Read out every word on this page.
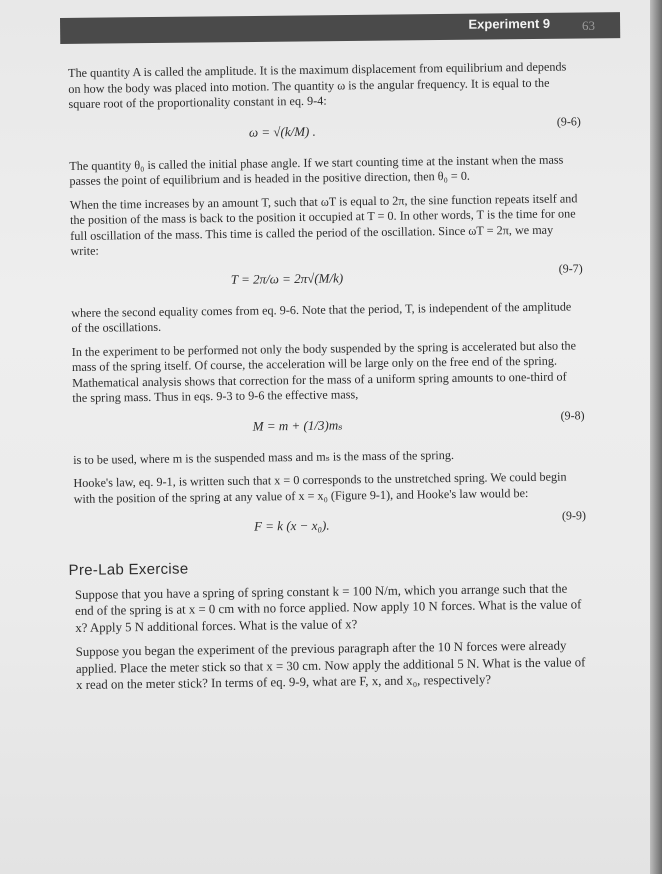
Experiment 9 63

The quantity A is called the amplitude. It is the maximum displacement from equilibrium and depends on how the body was placed into motion. The quantity ω is the angular frequency. It is equal to the square root of the proportionality constant in eq. 9-4:

ω = √(k/M) .
(9-6)

The quantity θ₀ is called the initial phase angle. If we start counting time at the instant when the mass passes the point of equilibrium and is headed in the positive direction, then θ₀ = 0.

When the time increases by an amount T, such that ωT is equal to 2π, the sine function repeats itself and the position of the mass is back to the position it occupied at T = 0. In other words, T is the time for one full oscillation of the mass. This time is called the period of the oscillation. Since ωT = 2π, we may write:

T = 2π/ω = 2π√(M/k)
(9-7)

where the second equality comes from eq. 9-6. Note that the period, T, is independent of the amplitude of the oscillations.

In the experiment to be performed not only the body suspended by the spring is accelerated but also the mass of the spring itself. Of course, the acceleration will be large only on the free end of the spring. Mathematical analysis shows that correction for the mass of a uniform spring amounts to one-third of the spring mass. Thus in eqs. 9-3 to 9-6 the effective mass,

M = m + (1/3)mₛ
(9-8)

is to be used, where m is the suspended mass and mₛ is the mass of the spring.

Hooke's law, eq. 9-1, is written such that x = 0 corresponds to the unstretched spring. We could begin with the position of the spring at any value of x = x₀ (Figure 9-1), and Hooke's law would be:

F = k (x − x₀).
(9-9)
Pre-Lab Exercise

Suppose that you have a spring of spring constant k = 100 N/m, which you arrange such that the end of the spring is at x = 0 cm with no force applied. Now apply 10 N forces. What is the value of x? Apply 5 N additional forces. What is the value of x?

Suppose you began the experiment of the previous paragraph after the 10 N forces were already applied. Place the meter stick so that x = 30 cm. Now apply the additional 5 N. What is the value of x read on the meter stick? In terms of eq. 9-9, what are F, x, and x₀, respectively?
